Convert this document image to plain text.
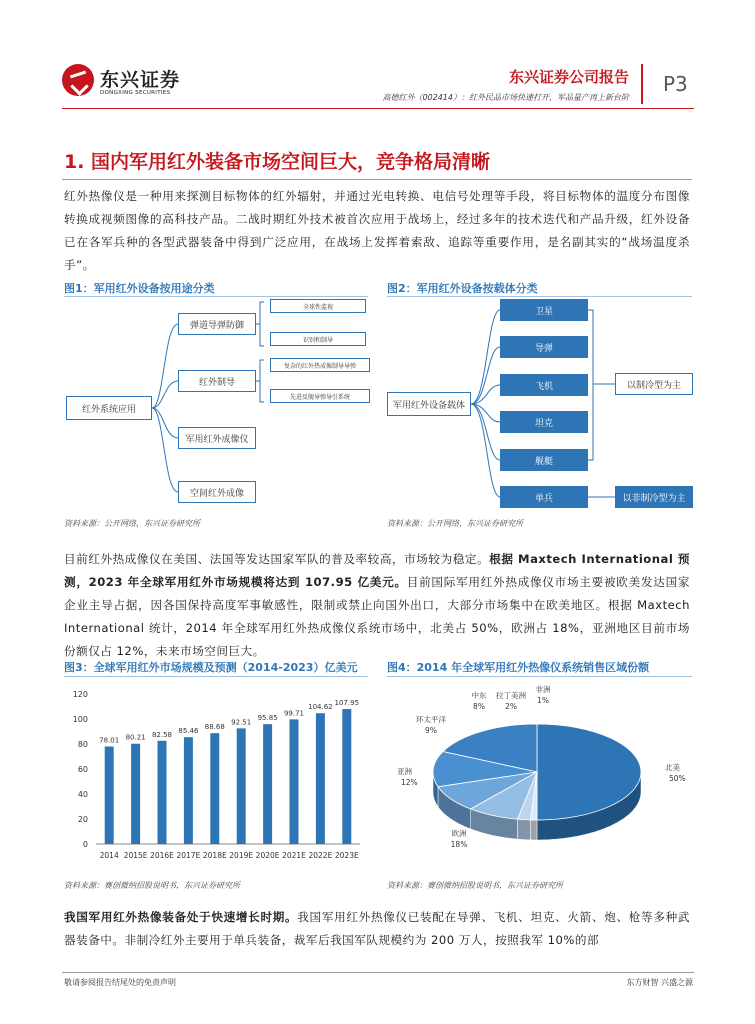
东兴证券
DONGXING SECURITIES
东兴证券公司报告
高德红外（002414）：红外民品市场快速打开，军品量产再上新台阶
P3
1. 国内军用红外装备市场空间巨大，竞争格局清晰
红外热像仪是一种用来探测目标物体的红外辐射，并通过光电转换、电信号处理等手段，将目标物体的温度分布图像转换成视频图像的高科技产品。二战时期红外技术被首次应用于战场上，经过多年的技术迭代和产品升级，红外设备已在各军兵种的各型武器装备中得到广泛应用，在战场上发挥着索敌、追踪等重要作用，是名副其实的“战场温度杀手”。
图1：军用红外设备按用途分类
红外系统应用
弹道导弹防御
红外制导
军用红外成像仪
空间红外成像
全球性监视
识别和制导
复杂的红外热成像制导导弹
先进反舰导弹导引系统
资料来源：公开网络，东兴证券研究所
图2：军用红外设备按载体分类
军用红外设备载体
卫星
导弹
飞机
坦克
舰艇
单兵
以制冷型为主
以非制冷型为主
资料来源：公开网络，东兴证券研究所
目前红外热成像仪在美国、法国等发达国家军队的普及率较高，市场较为稳定。根据 Maxtech International 预测，2023 年全球军用红外市场规模将达到 107.95 亿美元。目前国际军用红外热成像仪市场主要被欧美发达国家企业主导占据，因各国保持高度军事敏感性，限制或禁止向国外出口，大部分市场集中在欧美地区。根据 Maxtech International 统计，2014 年全球军用红外热成像仪系统市场中，北美占 50%，欧洲占 18%，亚洲地区目前市场份额仅占 12%，未来市场空间巨大。
图3：全球军用红外市场规模及预测（2014-2023）亿美元
0
20
40
60
80
100
120
78.01
2014
80.21
2015E
82.58
2016E
85.46
2017E
88.68
2018E
92.51
2019E
95.85
2020E
99.71
2021E
104.62
2022E
107.95
2023E
资料来源：赛创微纳招股说明书，东兴证券研究所
图4：2014 年全球军用红外热像仪系统销售区域份额
北美
50%
欧洲
18%
亚洲
12%
环太平洋
9%
中东
8%
拉丁美洲
2%
非洲
1%
资料来源：赛创微纳招股说明书，东兴证券研究所
我国军用红外热像装备处于快速增长时期。我国军用红外热像仪已装配在导弹、飞机、坦克、火箭、炮、枪等多种武器装备中。非制冷红外主要用于单兵装备，裁军后我国军队规模约为 200 万人，按照我军 10%的部
敬请参阅报告结尾处的免责声明	东方财智 兴盛之源
